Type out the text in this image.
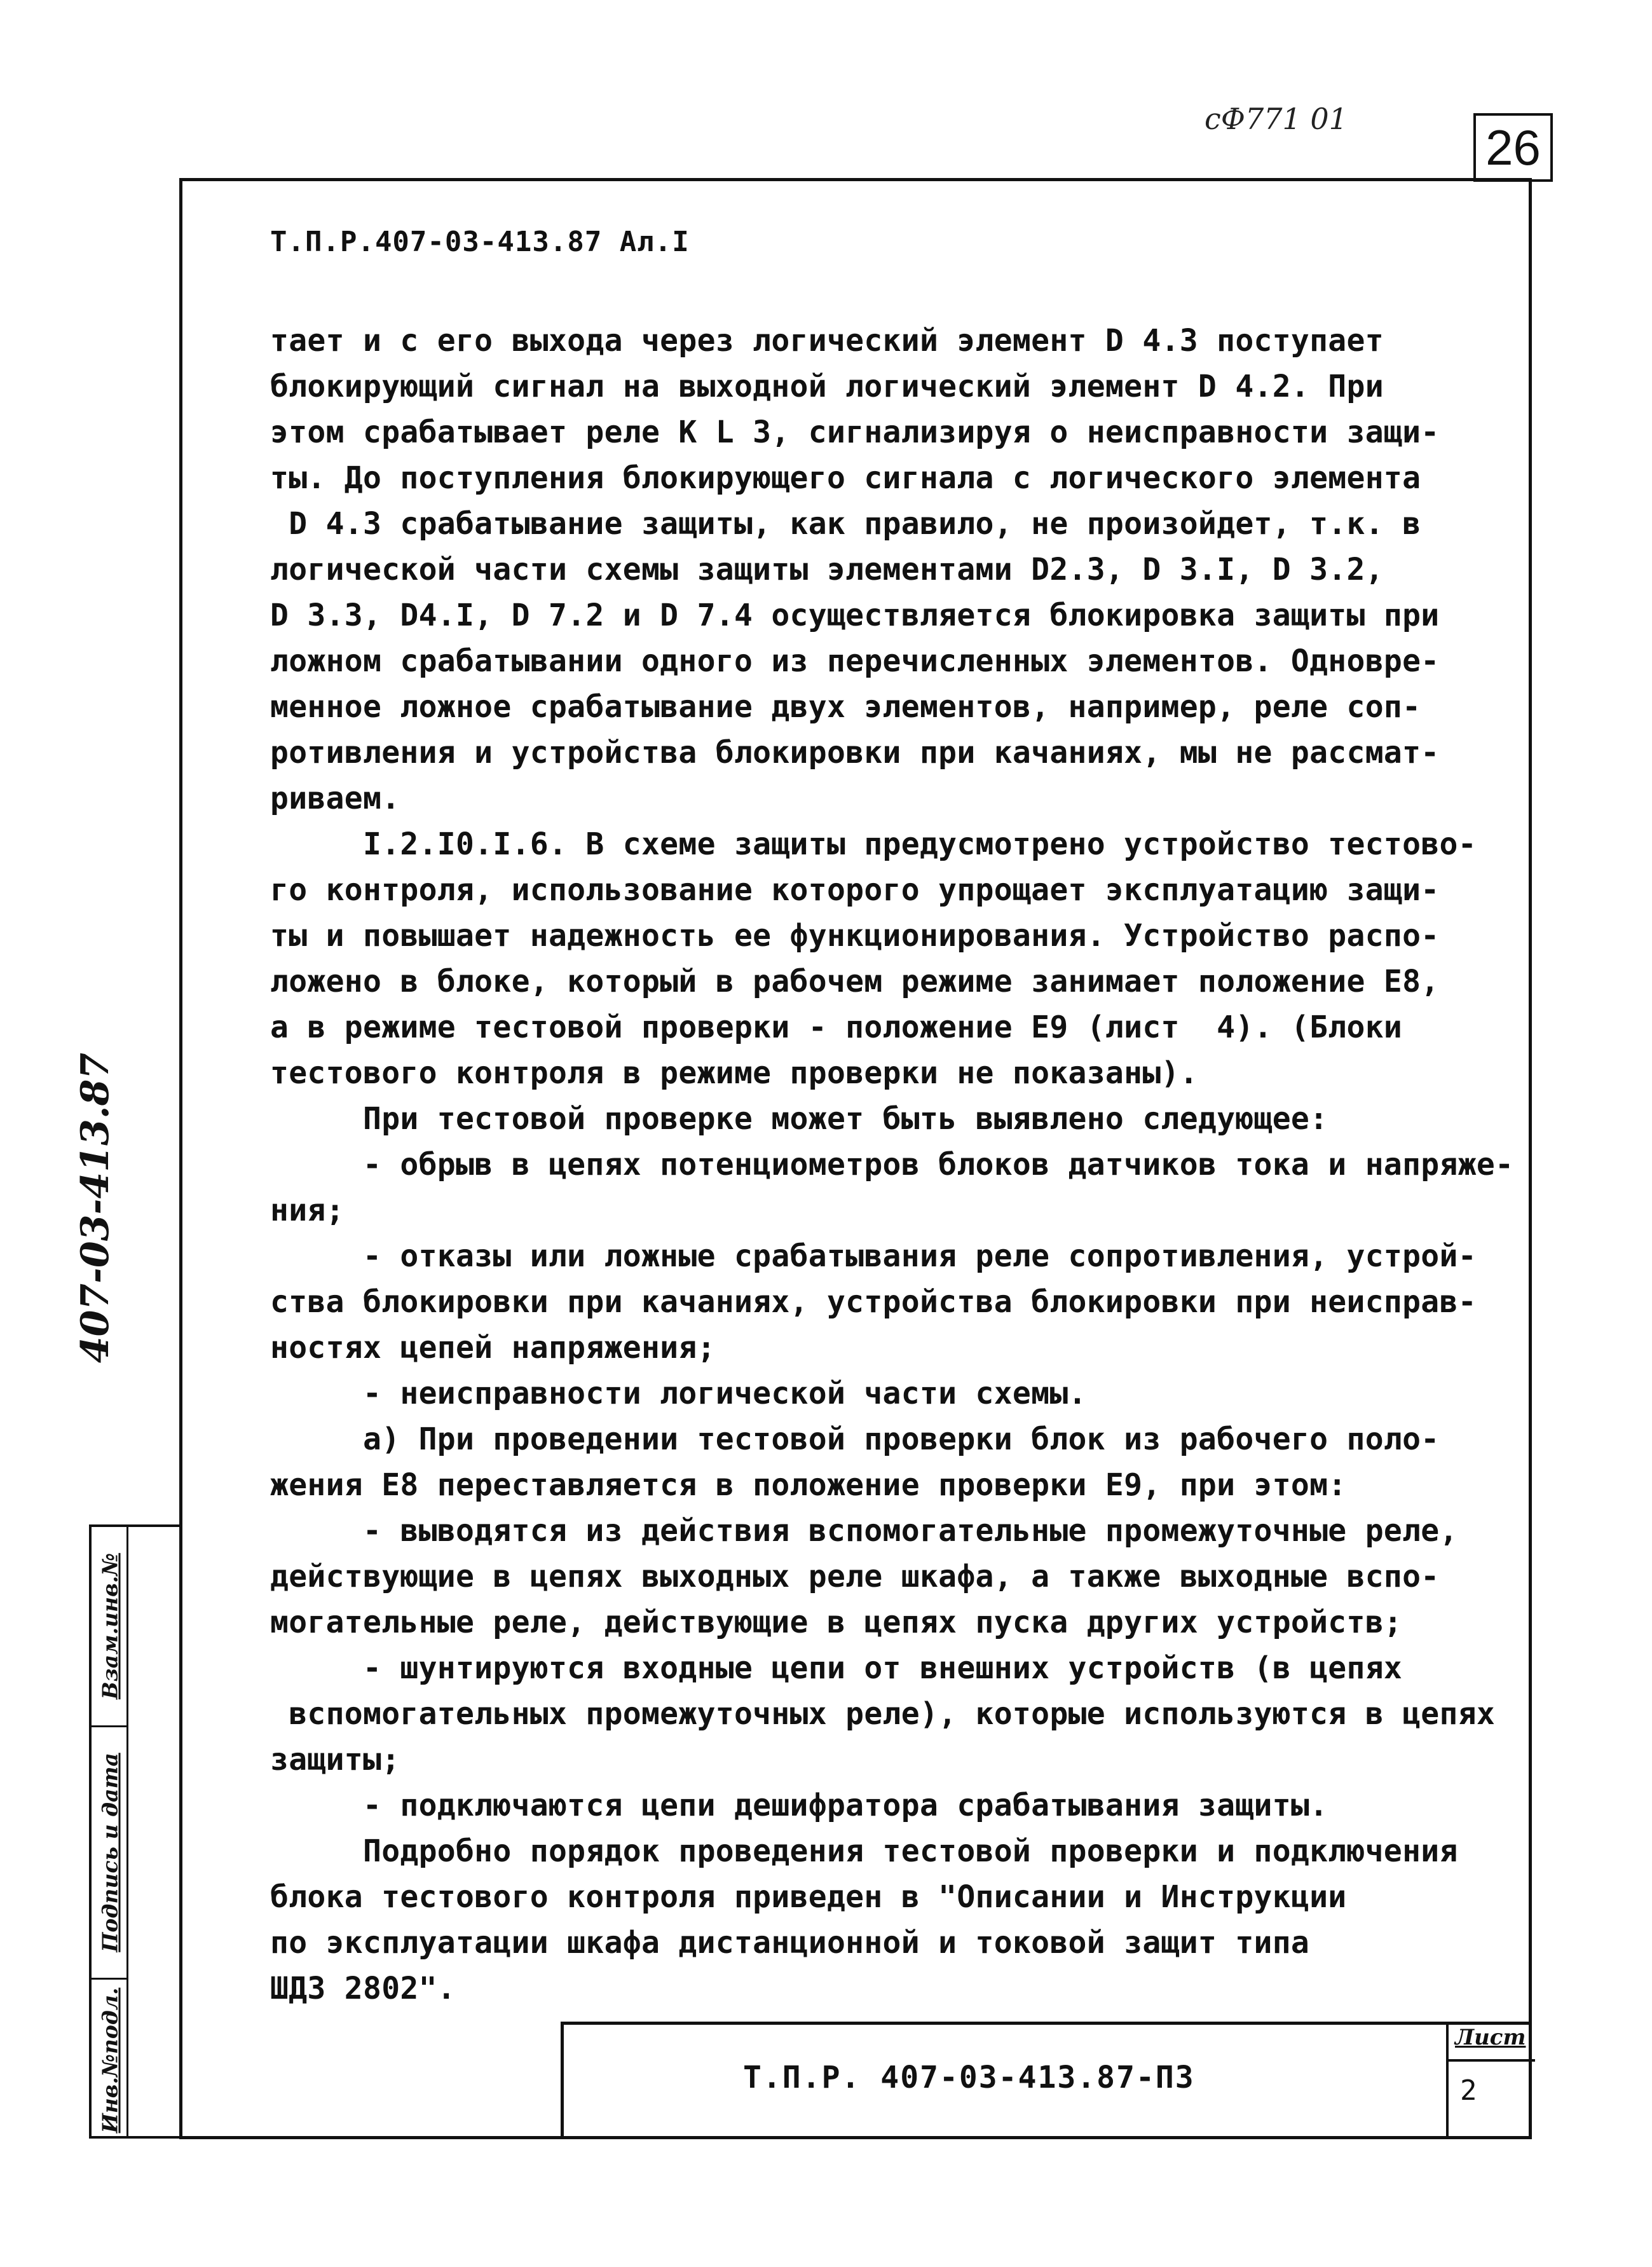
сФ771 01
26
407-03-413.87
Инв.№подл.
Подпись и дата
Взам.инв.№
Т.П.Р.407-03-413.87 Ал.I
тает и с его выхода через логический элемент D 4.3 поступает
блокирующий сигнал на выходной логический элемент D 4.2. При
этом срабатывает реле K L 3, сигнализируя о неисправности защи-
ты. До поступления блокирующего сигнала с логического элемента
D 4.3 срабатывание защиты, как правило, не произойдет, т.к. в
логической части схемы защиты элементами D2.3, D 3.I, D 3.2,
D 3.3, D4.I, D 7.2 и D 7.4 осуществляется блокировка защиты при
ложном срабатывании одного из перечисленных элементов. Одновре-
менное ложное срабатывание двух элементов, например, реле соп-
ротивления и устройства блокировки при качаниях, мы не рассмат-
риваем.
I.2.I0.I.6. В схеме защиты предусмотрено устройство тестово-
го контроля, использование которого упрощает эксплуатацию защи-
ты и повышает надежность ее функционирования. Устройство распо-
ложено в блоке, который в рабочем режиме занимает положение E8,
а в режиме тестовой проверки - положение E9 (лист  4). (Блоки
тестового контроля в режиме проверки не показаны).
При тестовой проверке может быть выявлено следующее:
- обрыв в цепях потенциометров блоков датчиков тока и напряже-
ния;
- отказы или ложные срабатывания реле сопротивления, устрой-
ства блокировки при качаниях, устройства блокировки при неисправ-
ностях цепей напряжения;
- неисправности логической части схемы.
а) При проведении тестовой проверки блок из рабочего поло-
жения E8 переставляется в положение проверки E9, при этом:
- выводятся из действия вспомогательные промежуточные реле,
действующие в цепях выходных реле шкафа, а также выходные вспо-
могательные реле, действующие в цепях пуска других устройств;
- шунтируются входные цепи от внешних устройств (в цепях
вспомогательных промежуточных реле), которые используются в цепях
защиты;
- подключаются цепи дешифратора срабатывания защиты.
Подробно порядок проведения тестовой проверки и подключения
блока тестового контроля приведен в "Описании и Инструкции
по эксплуатации шкафа дистанционной и токовой защит типа
ШДЗ 2802".
Т.П.Р. 407-03-413.87-ПЗ
Лист
2
